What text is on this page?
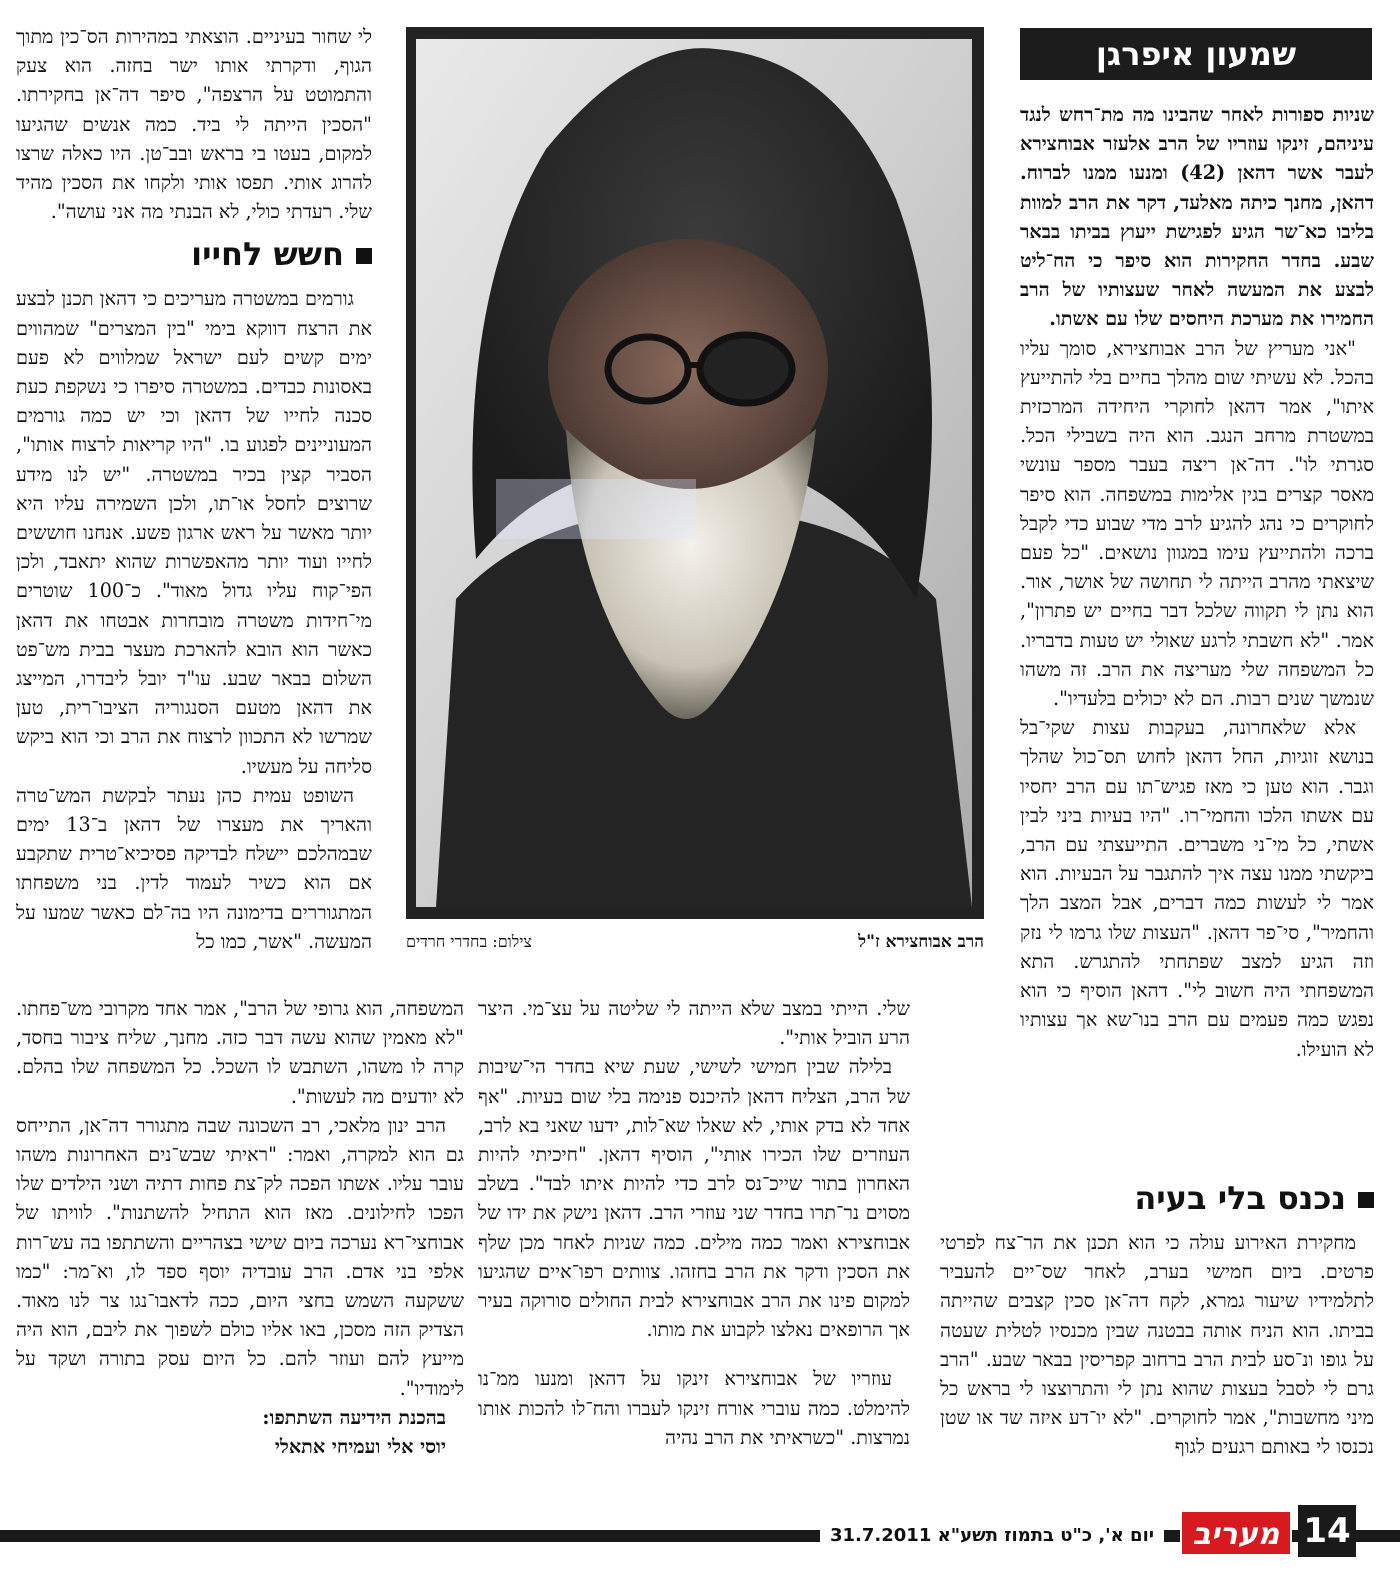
שמעון איפרגן

שניות ספורות לאחר שהבינו מה מת־רחש לנגד עיניהם, זינקו עוזריו של הרב אלעזר אבוחצירא לעבר אשר דהאן (42) ומנעו ממנו לברוח. דהאן, מחנך כיתה מאלעד, דקר את הרב למוות בליבו כא־שר הגיע לפגישת ייעוץ בביתו בבאר שבע. בחדר החקירות הוא סיפר כי הח־ליט לבצע את המעשה לאחר שעצותיו של הרב החמירו את מערכת היחסים שלו עם אשתו.

"אני מעריץ של הרב אבוחצירא, סומך עליו בהכל. לא עשיתי שום מהלך בחיים בלי להתייעץ איתו", אמר דהאן לחוקרי היחידה המרכזית במשטרת מרחב הנגב. הוא היה בשבילי הכל. סגרתי לו". דה־אן ריצה בעבר מספר עונשי מאסר קצרים בגין אלימות במשפחה. הוא סיפר לחוקרים כי נהג להגיע לרב מדי שבוע כדי לקבל ברכה ולהתייעץ עימו במגוון נושאים. "כל פעם שיצאתי מהרב הייתה לי תחושה של אושר, אור. הוא נתן לי תקווה שלכל דבר בחיים יש פתרון", אמר. "לא חשבתי לרגע שאולי יש טעות בדבריו. כל המשפחה שלי מעריצה את הרב. זה משהו שנמשך שנים רבות. הם לא יכולים בלעדיו".

אלא שלאחרונה, בעקבות עצות שקי־בל בנושא זוגיות, החל דהאן לחוש תס־כול שהלך וגבר. הוא טען כי מאז פגיש־תו עם הרב יחסיו עם אשתו הלכו והחמי־רו. "היו בעיות ביני לבין אשתי, כל מי־ני משברים. התייעצתי עם הרב, ביקשתי ממנו עצה איך להתגבר על הבעיות. הוא אמר לי לעשות כמה דברים, אבל המצב הלך והחמיר", סי־פר דהאן. "העצות שלו גרמו לי נזק וזה הגיע למצב שפתחתי להתגרש. התא המשפחתי היה חשוב לי". דהאן הוסיף כי הוא נפגש כמה פעמים עם הרב בנו־שא אך עצותיו לא הועילו.

נכנס בלי בעיה

מחקירת האירוע עולה כי הוא תכנן את הר־צח לפרטי פרטים. ביום חמישי בערב, לאחר שס־יים להעביר לתלמידיו שיעור גמרא, לקח דה־אן סכין קצבים שהייתה בביתו. הוא הניח אותה בבטנה שבין מכנסיו לטלית שעטה על גופו ונ־סע לבית הרב ברחוב קפריסין בבאר שבע. "הרב גרם לי לסבל בעצות שהוא נתן לי והתרוצצו לי בראש כל מיני מחשבות", אמר לחוקרים. "לא יו־דע איזה שד או שטן נכנסו לי באותם רגעים לגוף

הרב אבוחצירא ז"ל
צילום: בחדרי חרדים

שלי. הייתי במצב שלא הייתה לי שליטה על עצ־מי. היצר הרע הוביל אותי".

בלילה שבין חמישי לשישי, שעת שיא בחדר הי־שיבות של הרב, הצליח דהאן להיכנס פנימה בלי שום בעיות. "אף אחד לא בדק אותי, לא שאלו שא־לות, ידעו שאני בא לרב, העוזרים שלו הכירו אותי", הוסיף דהאן. "חיכיתי להיות האחרון בתור שייכ־נס לרב כדי להיות איתו לבד". בשלב מסוים נר־תרו בחדר שני עוזרי הרב. דהאן נישק את ידו של אבוחצירא ואמר כמה מילים. כמה שניות לאחר מכן שלף את הסכין ודקר את הרב בחזהו. צוותים רפו־איים שהגיעו למקום פינו את הרב אבוחצירא לבית החולים סורוקה בעיר אך הרופאים נאלצו לקבוע את מותו.

עוזריו של אבוחצירא זינקו על דהאן ומנעו ממ־נו להימלט. כמה עוברי אורח זינקו לעברו והח־לו להכות אותו נמרצות. "כשראיתי את הרב נהיה

לי שחור בעיניים. הוצאתי במהירות הס־כין מתוך הגוף, ודקרתי אותו ישר בחזה. הוא צעק והתמוטט על הרצפה", סיפר דה־אן בחקירתו. "הסכין הייתה לי ביד. כמה אנשים שהגיעו למקום, בעטו בי בראש ובב־טן. היו כאלה שרצו להרוג אותי. תפסו אותי ולקחו את הסכין מהיד שלי. רעדתי כולי, לא הבנתי מה אני עושה".

חשש לחייו

גורמים במשטרה מעריכים כי דהאן תכנן לבצע את הרצח דווקא בימי "בין המצרים" שמהווים ימים קשים לעם ישראל שמלווים לא פעם באסונות כבדים. במשטרה סיפרו כי נשקפת כעת סכנה לחייו של דהאן וכי יש כמה גורמים המעוניינים לפגוע בו. "היו קריאות לרצוח אותו", הסביר קצין בכיר במשטרה. "יש לנו מידע שרוצים לחסל או־תו, ולכן השמירה עליו היא יותר מאשר על ראש ארגון פשע. אנחנו חוששים לחייו ועוד יותר מהאפשרות שהוא יתאבד, ולכן הפי־קוח עליו גדול מאוד". כ־100 שוטרים מי־חידות משטרה מובחרות אבטחו את דהאן כאשר הוא הובא להארכת מעצר בבית מש־פט השלום בבאר שבע. עו"ד יובל ליבדרו, המייצג את דהאן מטעם הסנגוריה הציבו־רית, טען שמרשו לא התכוון לרצוח את הרב וכי הוא ביקש סליחה על מעשיו.

השופט עמית כהן נעתר לבקשת המש־טרה והאריך את מעצרו של דהאן ב־13 ימים שבמהלכם יישלח לבדיקה פסיכיא־טרית שתקבע אם הוא כשיר לעמוד לדין. בני משפחתו המתגוררים בדימונה היו בה־לם כאשר שמעו על המעשה. "אשר, כמו כל

המשפחה, הוא גרופי של הרב", אמר אחד מקרובי מש־פחתו. "לא מאמין שהוא עשה דבר כזה. מחנך, שליח ציבור בחסד, קרה לו משהו, השתבש לו השכל. כל המשפחה שלו בהלם. לא יודעים מה לעשות".

הרב ינון מלאכי, רב השכונה שבה מתגורר דה־אן, התייחס גם הוא למקרה, ואמר: "ראיתי שבש־נים האחרונות משהו עובר עליו. אשתו הפכה לק־צת פחות דתיה ושני הילדים שלו הפכו לחילונים. מאז הוא התחיל להשתנות". לוויתו של אבוחצי־רא נערכה ביום שישי בצהריים והשתתפו בה עש־רות אלפי בני אדם. הרב עובדיה יוסף ספד לו, וא־מר: "כמו ששקעה השמש בחצי היום, ככה לדאבו־נגו צר לנו מאוד. הצדיק הזה מסכן, באו אליו כולם לשפוך את ליבם, הוא היה מייעץ להם ועוזר להם. כל היום עסק בתורה ושקד על לימודיו".

בהכנת הידיעה השתתפו:

יוסי אלי ועמיחי אתאלי

יום א', כ"ט בתמוז תשע"א 31.7.2011	מעריב 14
